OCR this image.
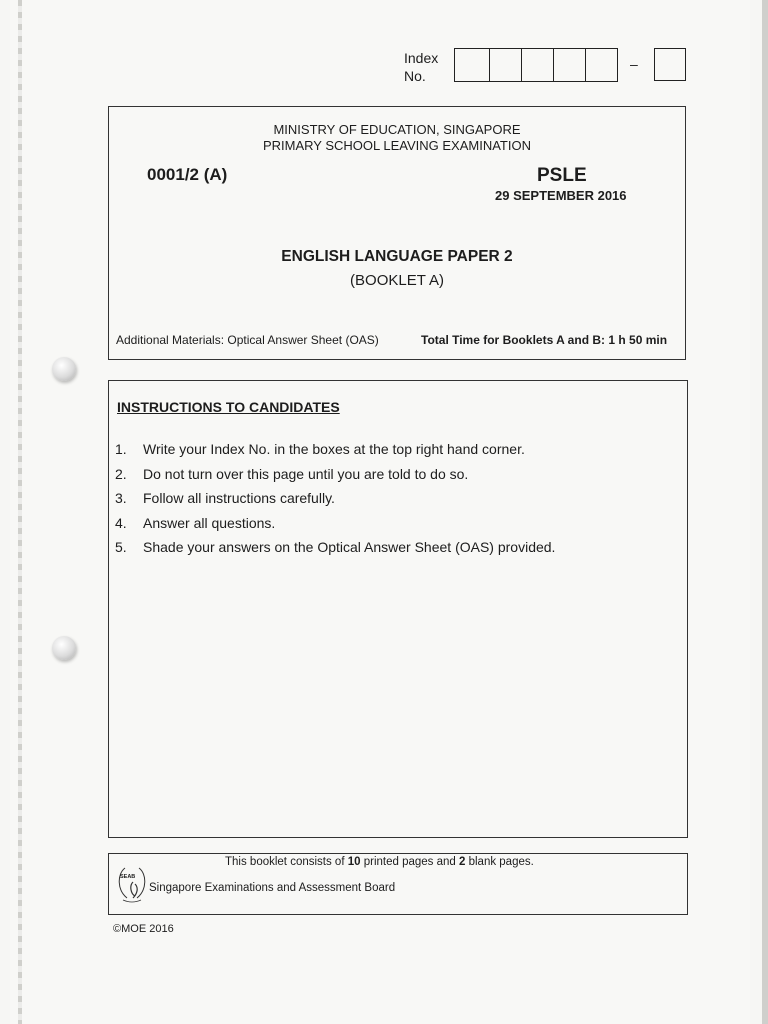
Index
No.
–
MINISTRY OF EDUCATION, SINGAPORE
PRIMARY SCHOOL LEAVING EXAMINATION
0001/2 (A)	PSLE
29 SEPTEMBER 2016
ENGLISH LANGUAGE PAPER 2
(BOOKLET A)
Additional Materials: Optical Answer Sheet (OAS)	Total Time for Booklets A and B: 1 h 50 min
INSTRUCTIONS TO CANDIDATES
1.	Write your Index No. in the boxes at the top right hand corner.
2.	Do not turn over this page until you are told to do so.
3.	Follow all instructions carefully.
4.	Answer all questions.
5.	Shade your answers on the Optical Answer Sheet (OAS) provided.
This booklet consists of 10 printed pages and 2 blank pages.
SEAB
Singapore Examinations and Assessment Board
©MOE 2016
